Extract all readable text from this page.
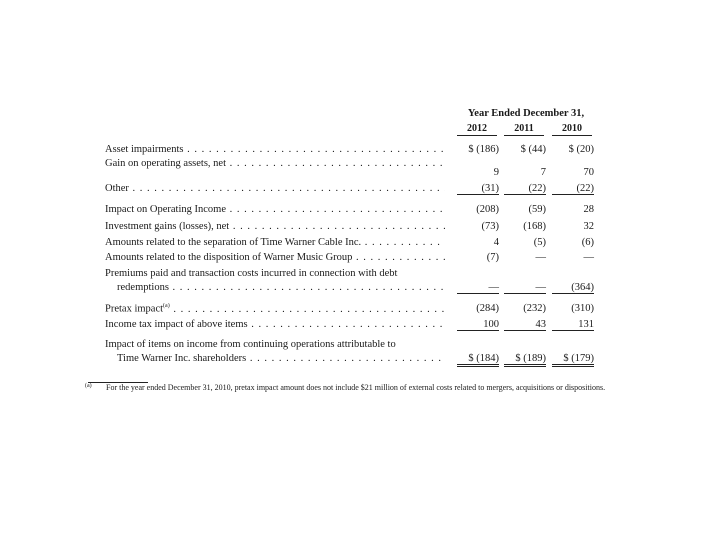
Year Ended December 31,
2012	2011	2010
Asset impairments . . .	$ (186)	$ (44)	$ (20)
Gain on operating assets, net . . .
9	7	70
Other . . .	(31)	(22)	(22)
Impact on Operating Income . . .	(208)	(59)	28
Investment gains (losses), net . . .	(73)	(168)	32
Amounts related to the separation of Time Warner Cable Inc. . . .	4	(5)	(6)
Amounts related to the disposition of Warner Music Group . . .	(7)	—	—
Premiums paid and transaction costs incurred in connection with debt
redemptions . . .	—	—	(364)
Pretax impact$^{(a)}$ . . .	(284)	(232)	(310)
Income tax impact of above items . . .	100	43	131
Impact of items on income from continuing operations attributable to
Time Warner Inc. shareholders . . .	$ (184)	$ (189)	$ (179)
(a) For the year ended December 31, 2010, pretax impact amount does not include $21 million of external costs related to mergers, acquisitions or dispositions.
